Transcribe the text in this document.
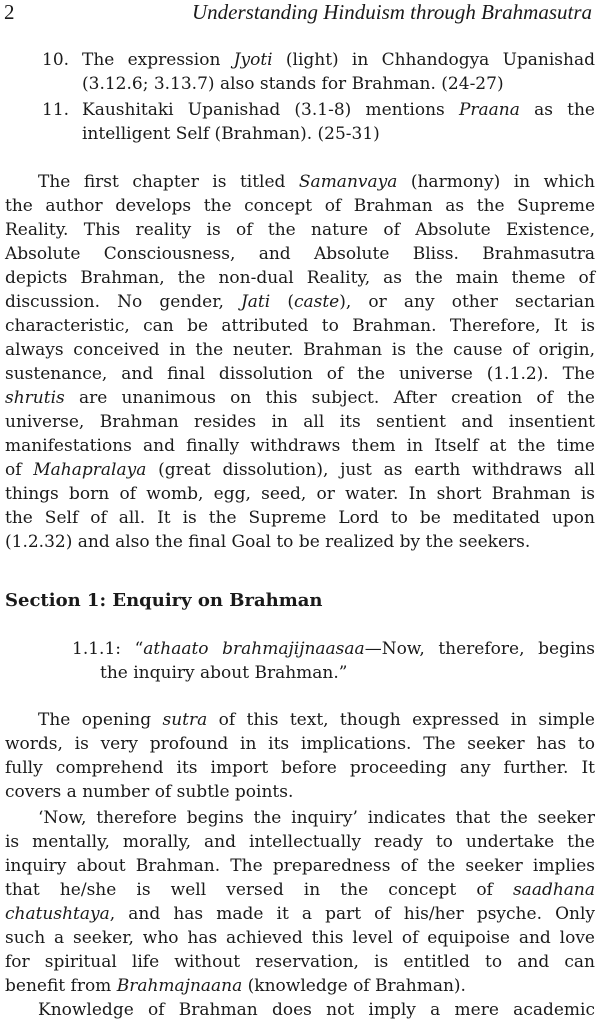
2	Understanding Hinduism through Brahmasutra
10. The expression Jyoti (light) in Chhandogya Upanishad
(3.12.6; 3.13.7) also stands for Brahman. (24-27)
11. Kaushitaki Upanishad (3.1-8) mentions Praana as the
intelligent Self (Brahman). (25-31)
The first chapter is titled Samanvaya (harmony) in which
the author develops the concept of Brahman as the Supreme
Reality. This reality is of the nature of Absolute Existence,
Absolute Consciousness, and Absolute Bliss. Brahmasutra
depicts Brahman, the non-dual Reality, as the main theme of
discussion. No gender, Jati (caste), or any other sectarian
characteristic, can be attributed to Brahman. Therefore, It is
always conceived in the neuter. Brahman is the cause of origin,
sustenance, and final dissolution of the universe (1.1.2). The
shrutis are unanimous on this subject. After creation of the
universe, Brahman resides in all its sentient and insentient
manifestations and finally withdraws them in Itself at the time
of Mahapralaya (great dissolution), just as earth withdraws all
things born of womb, egg, seed, or water. In short Brahman is
the Self of all. It is the Supreme Lord to be meditated upon
(1.2.32) and also the final Goal to be realized by the seekers.
Section 1: Enquiry on Brahman
1.1.1: “athaato brahmajijnaasaa—Now, therefore, begins
the inquiry about Brahman.”
The opening sutra of this text, though expressed in simple
words, is very profound in its implications. The seeker has to
fully comprehend its import before proceeding any further. It
covers a number of subtle points.
‘Now, therefore begins the inquiry’ indicates that the seeker
is mentally, morally, and intellectually ready to undertake the
inquiry about Brahman. The preparedness of the seeker implies
that he/she is well versed in the concept of saadhana
chatushtaya, and has made it a part of his/her psyche. Only
such a seeker, who has achieved this level of equipoise and love
for spiritual life without reservation, is entitled to and can
benefit from Brahmajnaana (knowledge of Brahman).
Knowledge of Brahman does not imply a mere academic
